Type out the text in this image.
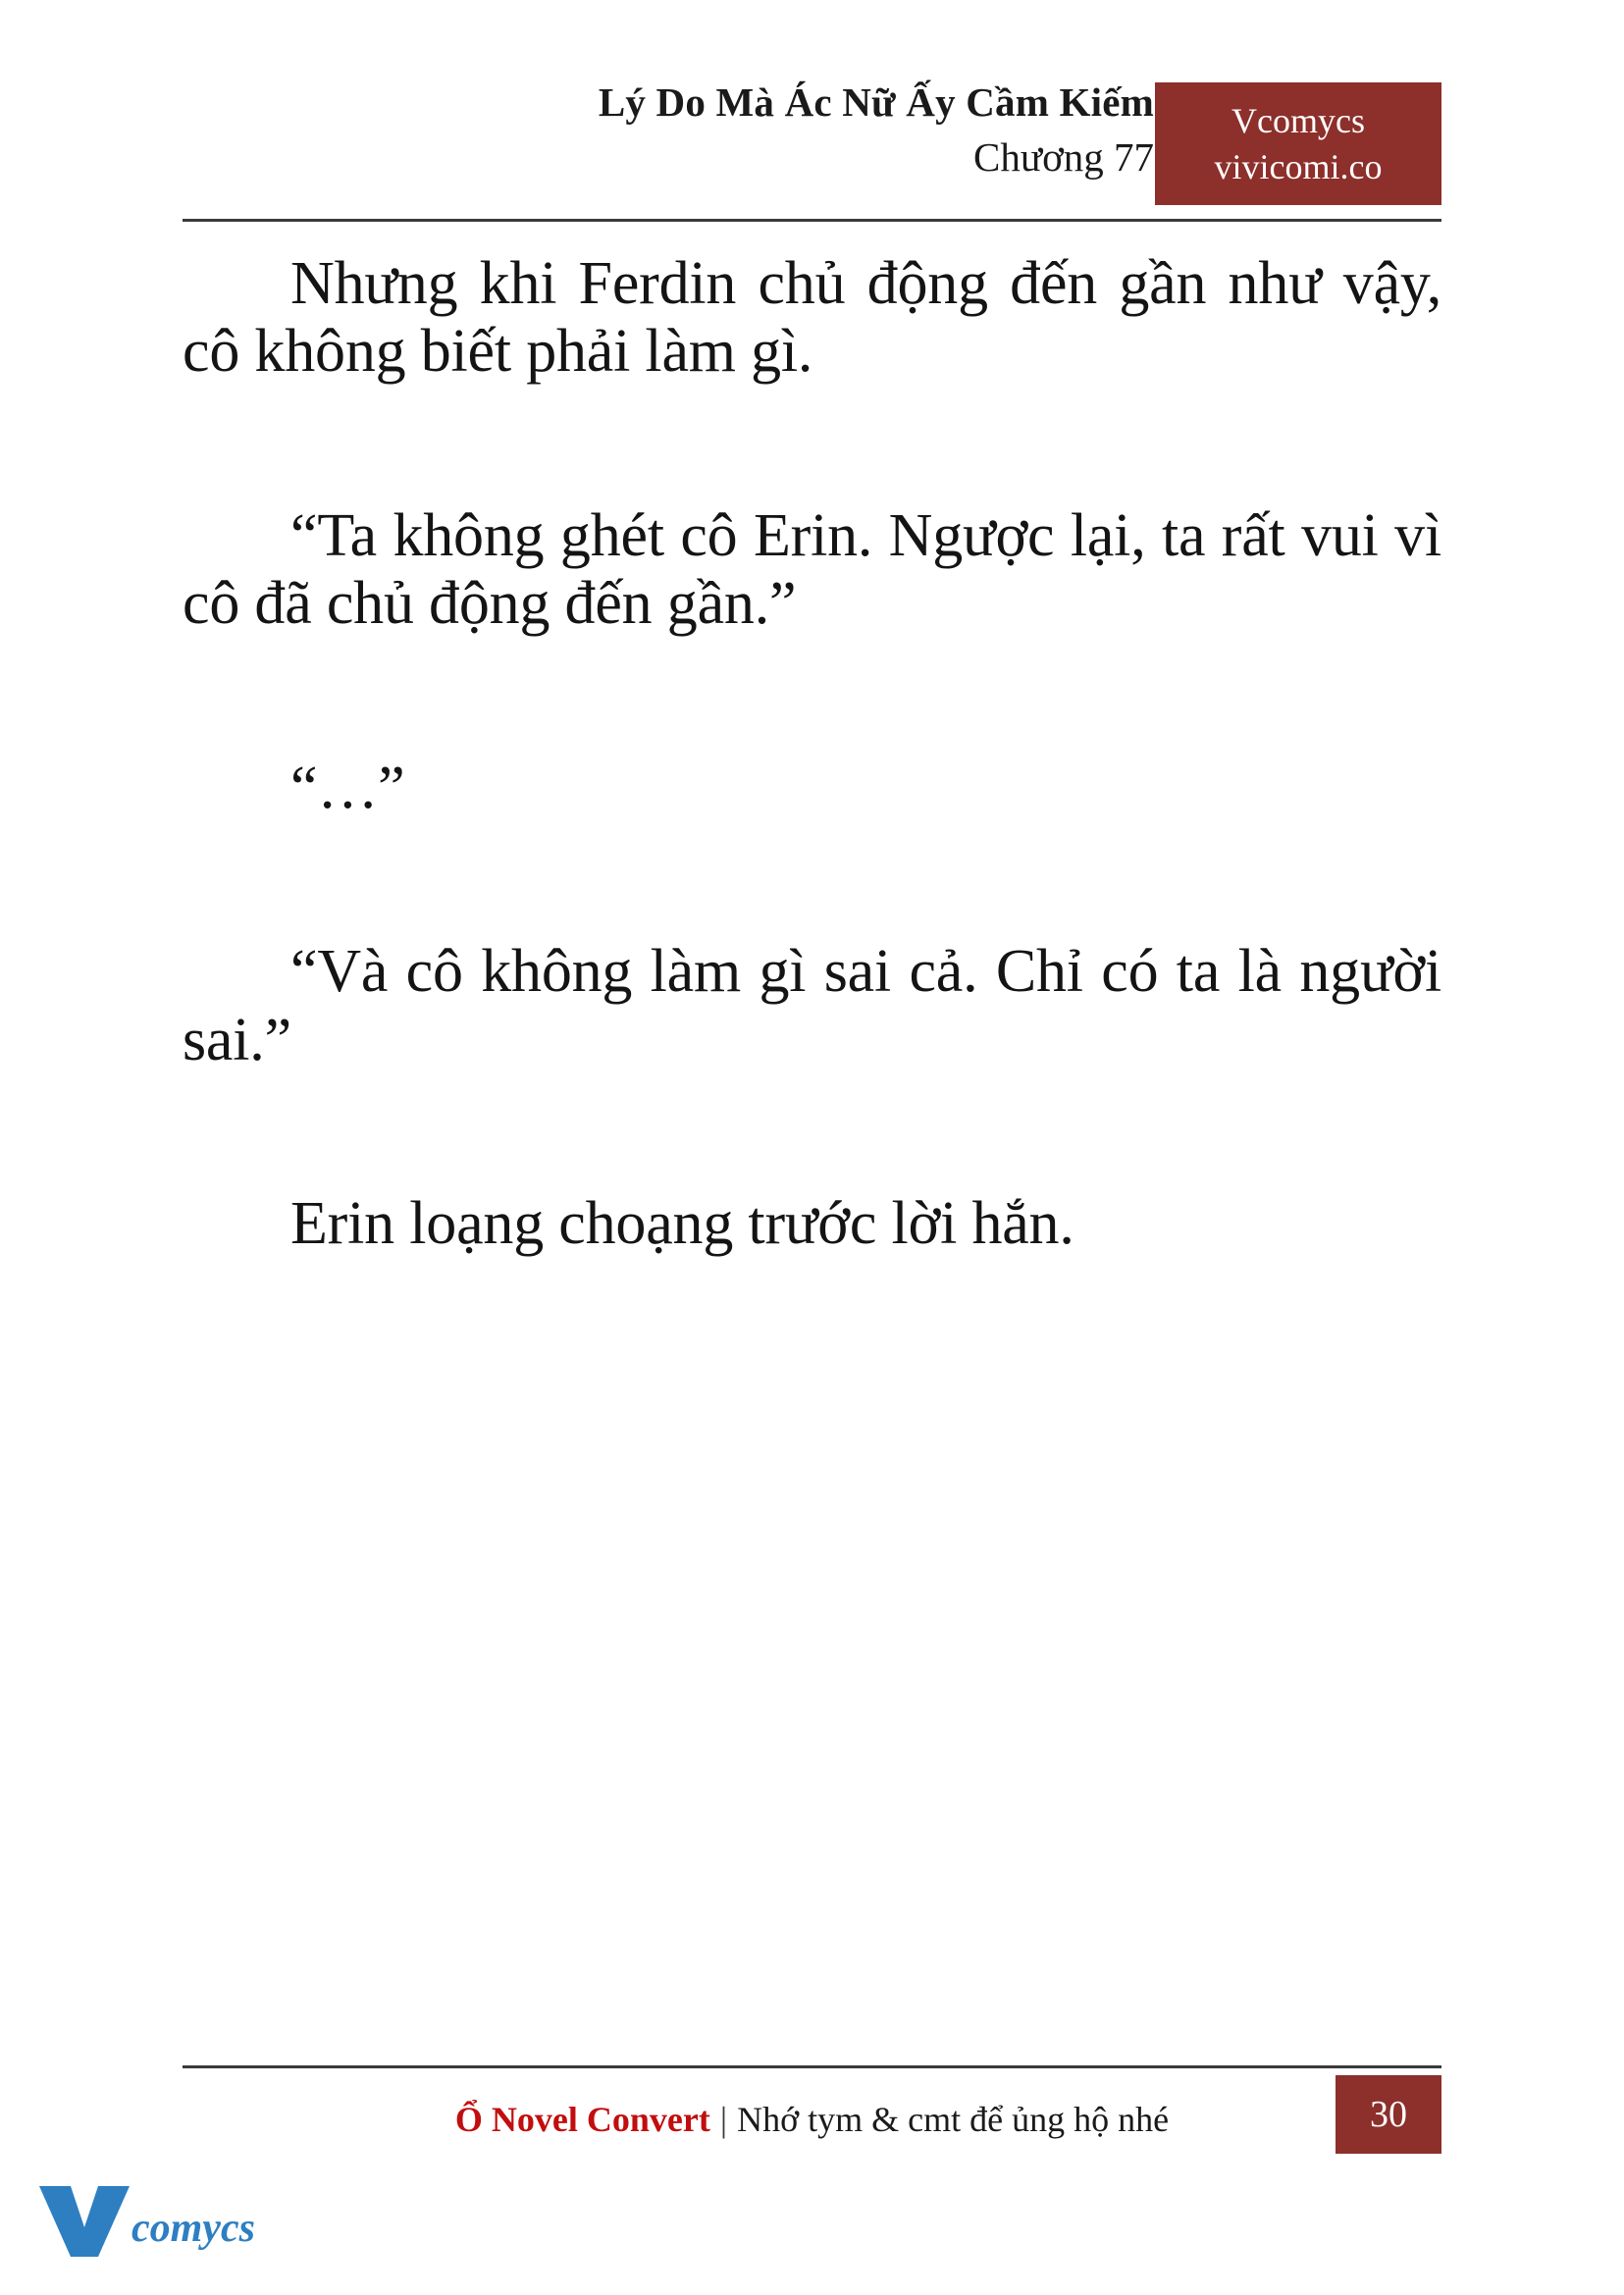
Lý Do Mà Ác Nữ Ấy Cầm Kiếm
Chương 77
Vcomycs
vivicomi.co

Nhưng khi Ferdin chủ động đến gần như vậy, cô không biết phải làm gì.

“Ta không ghét cô Erin. Ngược lại, ta rất vui vì cô đã chủ động đến gần.”

“…”

“Và cô không làm gì sai cả. Chỉ có ta là người sai.”

Erin loạng choạng trước lời hắn.

Ổ Novel Convert | Nhớ tym & cmt để ủng hộ nhé	30
comycs
